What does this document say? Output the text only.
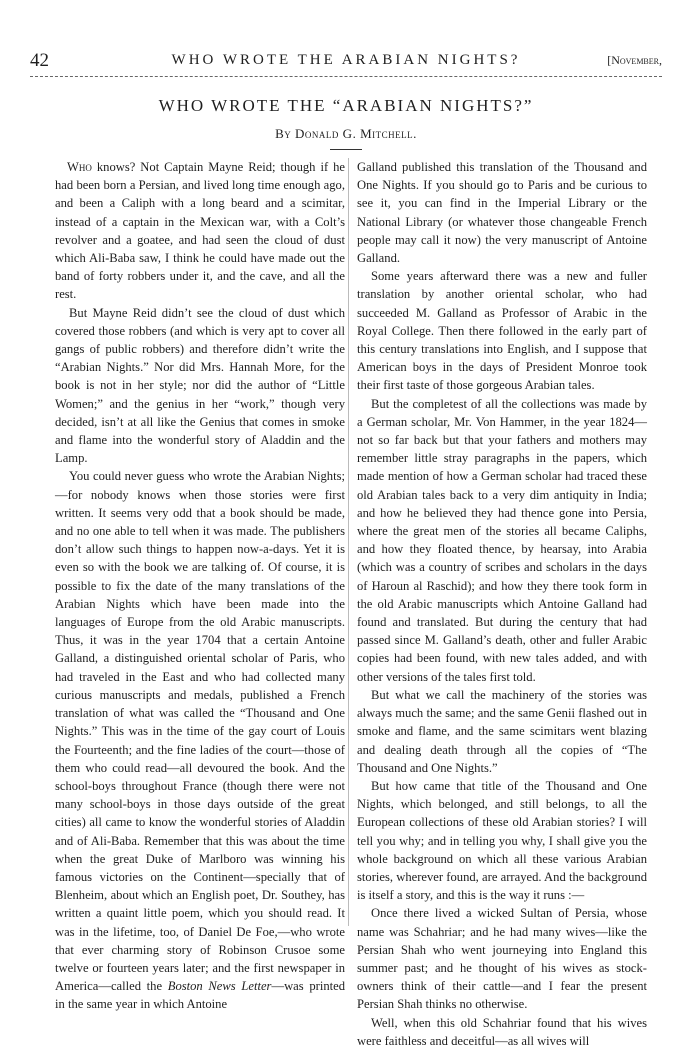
42	WHO WROTE THE ARABIAN NIGHTS?	[November,
WHO WROTE THE “ARABIAN NIGHTS?”
By Donald G. Mitchell.

Who knows? Not Captain Mayne Reid; though if he had been born a Persian, and lived long time enough ago, and been a Caliph with a long beard and a scimitar, instead of a captain in the Mexican war, with a Colt’s revolver and a goatee, and had seen the cloud of dust which Ali-Baba saw, I think he could have made out the band of forty robbers under it, and the cave, and all the rest.

But Mayne Reid didn’t see the cloud of dust which covered those robbers (and which is very apt to cover all gangs of public robbers) and therefore didn’t write the “Arabian Nights.” Nor did Mrs. Hannah More, for the book is not in her style; nor did the author of “Little Women;” and the genius in her “work,” though very decided, isn’t at all like the Genius that comes in smoke and flame into the wonderful story of Aladdin and the Lamp.

You could never guess who wrote the Arabian Nights;—for nobody knows when those stories were first written. It seems very odd that a book should be made, and no one able to tell when it was made. The publishers don’t allow such things to happen now-a-days. Yet it is even so with the book we are talking of. Of course, it is possible to fix the date of the many translations of the Arabian Nights which have been made into the languages of Europe from the old Arabic manuscripts. Thus, it was in the year 1704 that a certain Antoine Galland, a distinguished oriental scholar of Paris, who had traveled in the East and who had collected many curious manuscripts and medals, published a French translation of what was called the “Thousand and One Nights.” This was in the time of the gay court of Louis the Fourteenth; and the fine ladies of the court—those of them who could read—all devoured the book. And the school-boys throughout France (though there were not many school-boys in those days outside of the great cities) all came to know the wonderful stories of Aladdin and of Ali-Baba. Remember that this was about the time when the great Duke of Marlboro was winning his famous victories on the Continent—specially that of Blenheim, about which an English poet, Dr. Southey, has written a quaint little poem, which you should read. It was in the lifetime, too, of Daniel De Foe,—who wrote that ever charming story of Robinson Crusoe some twelve or fourteen years later; and the first newspaper in America—called the Boston News Letter—was printed in the same year in which Antoine

Galland published this translation of the Thousand and One Nights. If you should go to Paris and be curious to see it, you can find in the Imperial Library or the National Library (or whatever those changeable French people may call it now) the very manuscript of Antoine Galland.

Some years afterward there was a new and fuller translation by another oriental scholar, who had succeeded M. Galland as Professor of Arabic in the Royal College. Then there followed in the early part of this century translations into English, and I suppose that American boys in the days of President Monroe took their first taste of those gorgeous Arabian tales.

But the completest of all the collections was made by a German scholar, Mr. Von Hammer, in the year 1824—not so far back but that your fathers and mothers may remember little stray paragraphs in the papers, which made mention of how a German scholar had traced these old Arabian tales back to a very dim antiquity in India; and how he believed they had thence gone into Persia, where the great men of the stories all became Caliphs, and how they floated thence, by hearsay, into Arabia (which was a country of scribes and scholars in the days of Haroun al Raschid); and how they there took form in the old Arabic manuscripts which Antoine Galland had found and translated. But during the century that had passed since M. Galland’s death, other and fuller Arabic copies had been found, with new tales added, and with other versions of the tales first told.

But what we call the machinery of the stories was always much the same; and the same Genii flashed out in smoke and flame, and the same scimitars went blazing and dealing death through all the copies of “The Thousand and One Nights.”

But how came that title of the Thousand and One Nights, which belonged, and still belongs, to all the European collections of these old Arabian stories? I will tell you why; and in telling you why, I shall give you the whole background on which all these various Arabian stories, wherever found, are arrayed. And the background is itself a story, and this is the way it runs :—

Once there lived a wicked Sultan of Persia, whose name was Schahriar; and he had many wives—like the Persian Shah who went journeying into England this summer past; and he thought of his wives as stock-owners think of their cattle—and I fear the present Persian Shah thinks no otherwise.

Well, when this old Schahriar found that his wives were faithless and deceitful—as all wives will
